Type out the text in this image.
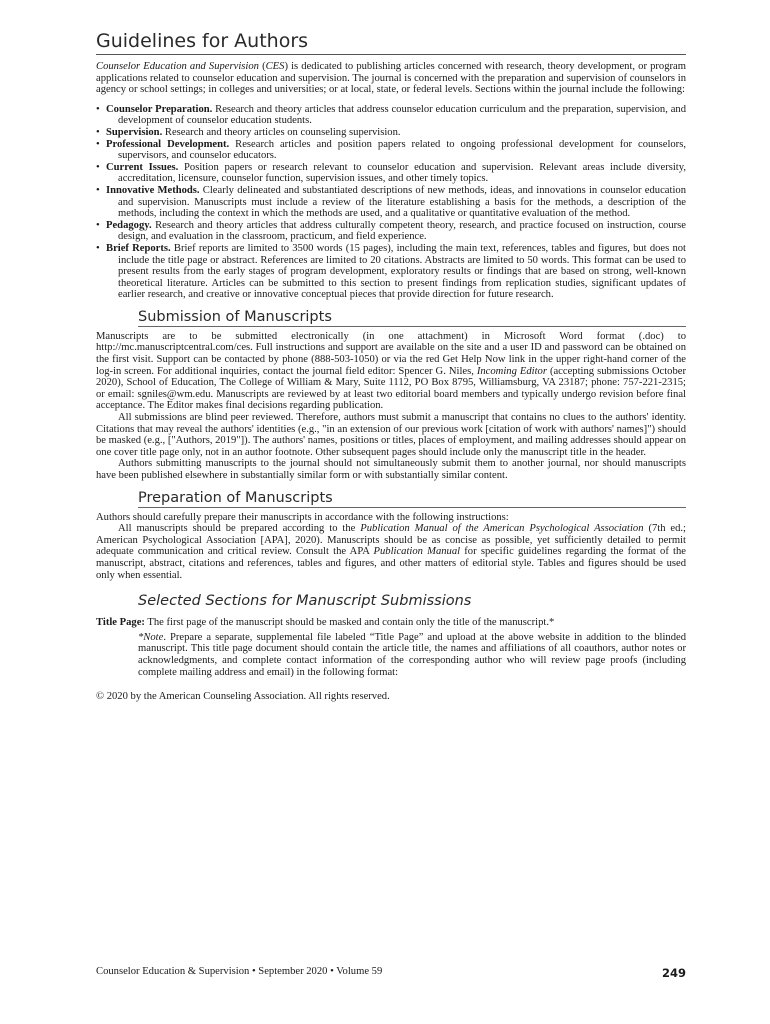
Guidelines for Authors

Counselor Education and Supervision (CES) is dedicated to publishing articles concerned with research, theory development, or program applications related to counselor education and supervision. The journal is concerned with the preparation and supervision of counselors in agency or school settings; in colleges and universities; or at local, state, or federal levels. Sections within the journal include the following:

• Counselor Preparation. Research and theory articles that address counselor education curriculum and the preparation, supervision, and development of counselor education students.
• Supervision. Research and theory articles on counseling supervision.
• Professional Development. Research articles and position papers related to ongoing professional development for counselors, supervisors, and counselor educators.
• Current Issues. Position papers or research relevant to counselor education and supervision. Relevant areas include diversity, accreditation, licensure, counselor function, supervision issues, and other timely topics.
• Innovative Methods. Clearly delineated and substantiated descriptions of new methods, ideas, and innovations in counselor education and supervision. Manuscripts must include a review of the literature establishing a basis for the methods, a description of the methods, including the context in which the methods are used, and a qualitative or quantitative evaluation of the method.
• Pedagogy. Research and theory articles that address culturally competent theory, research, and practice focused on instruction, course design, and evaluation in the classroom, practicum, and field experience.
• Brief Reports. Brief reports are limited to 3500 words (15 pages), including the main text, references, tables and figures, but does not include the title page or abstract. References are limited to 20 citations. Abstracts are limited to 50 words. This format can be used to present results from the early stages of program development, exploratory results or findings that are based on strong, well-known theoretical literature. Articles can be submitted to this section to present findings from replication studies, significant updates of earlier research, and creative or innovative conceptual pieces that provide direction for future research.
Submission of Manuscripts

Manuscripts are to be submitted electronically (in one attachment) in Microsoft Word format (.doc) to http://mc.manuscriptcentral.com/ces. Full instructions and support are available on the site and a user ID and password can be obtained on the first visit. Support can be contacted by phone (888-503-1050) or via the red Get Help Now link in the upper right-hand corner of the log-in screen. For additional inquiries, contact the journal field editor: Spencer G. Niles, Incoming Editor (accepting submissions October 2020), School of Education, The College of William & Mary, Suite 1112, PO Box 8795, Williamsburg, VA 23187; phone: 757-221-2315; or email: sgniles@wm.edu. Manuscripts are reviewed by at least two editorial board members and typically undergo revision before final acceptance. The Editor makes final decisions regarding publication.

All submissions are blind peer reviewed. Therefore, authors must submit a manuscript that contains no clues to the authors' identity. Citations that may reveal the authors' identities (e.g., "in an extension of our previous work [citation of work with authors' names]") should be masked (e.g., ["Authors, 2019"]). The authors' names, positions or titles, places of employment, and mailing addresses should appear on one cover title page only, not in an author footnote. Other subsequent pages should include only the manuscript title in the header.

Authors submitting manuscripts to the journal should not simultaneously submit them to another journal, nor should manuscripts have been published elsewhere in substantially similar form or with substantially similar content.

Preparation of Manuscripts

Authors should carefully prepare their manuscripts in accordance with the following instructions:

All manuscripts should be prepared according to the Publication Manual of the American Psychological Association (7th ed.; American Psychological Association [APA], 2020). Manuscripts should be as concise as possible, yet sufficiently detailed to permit adequate communication and critical review. Consult the APA Publication Manual for specific guidelines regarding the format of the manuscript, abstract, citations and references, tables and figures, and other matters of editorial style. Tables and figures should be used only when essential.

Selected Sections for Manuscript Submissions

Title Page: The first page of the manuscript should be masked and contain only the title of the manuscript.*

*Note. Prepare a separate, supplemental file labeled “Title Page” and upload at the above website in addition to the blinded manuscript. This title page document should contain the article title, the names and affiliations of all coauthors, author notes or acknowledgments, and complete contact information of the corresponding author who will review page proofs (including complete mailing address and email) in the following format:

© 2020 by the American Counseling Association. All rights reserved.

Counselor Education & Supervision • September 2020 • Volume 59	249
